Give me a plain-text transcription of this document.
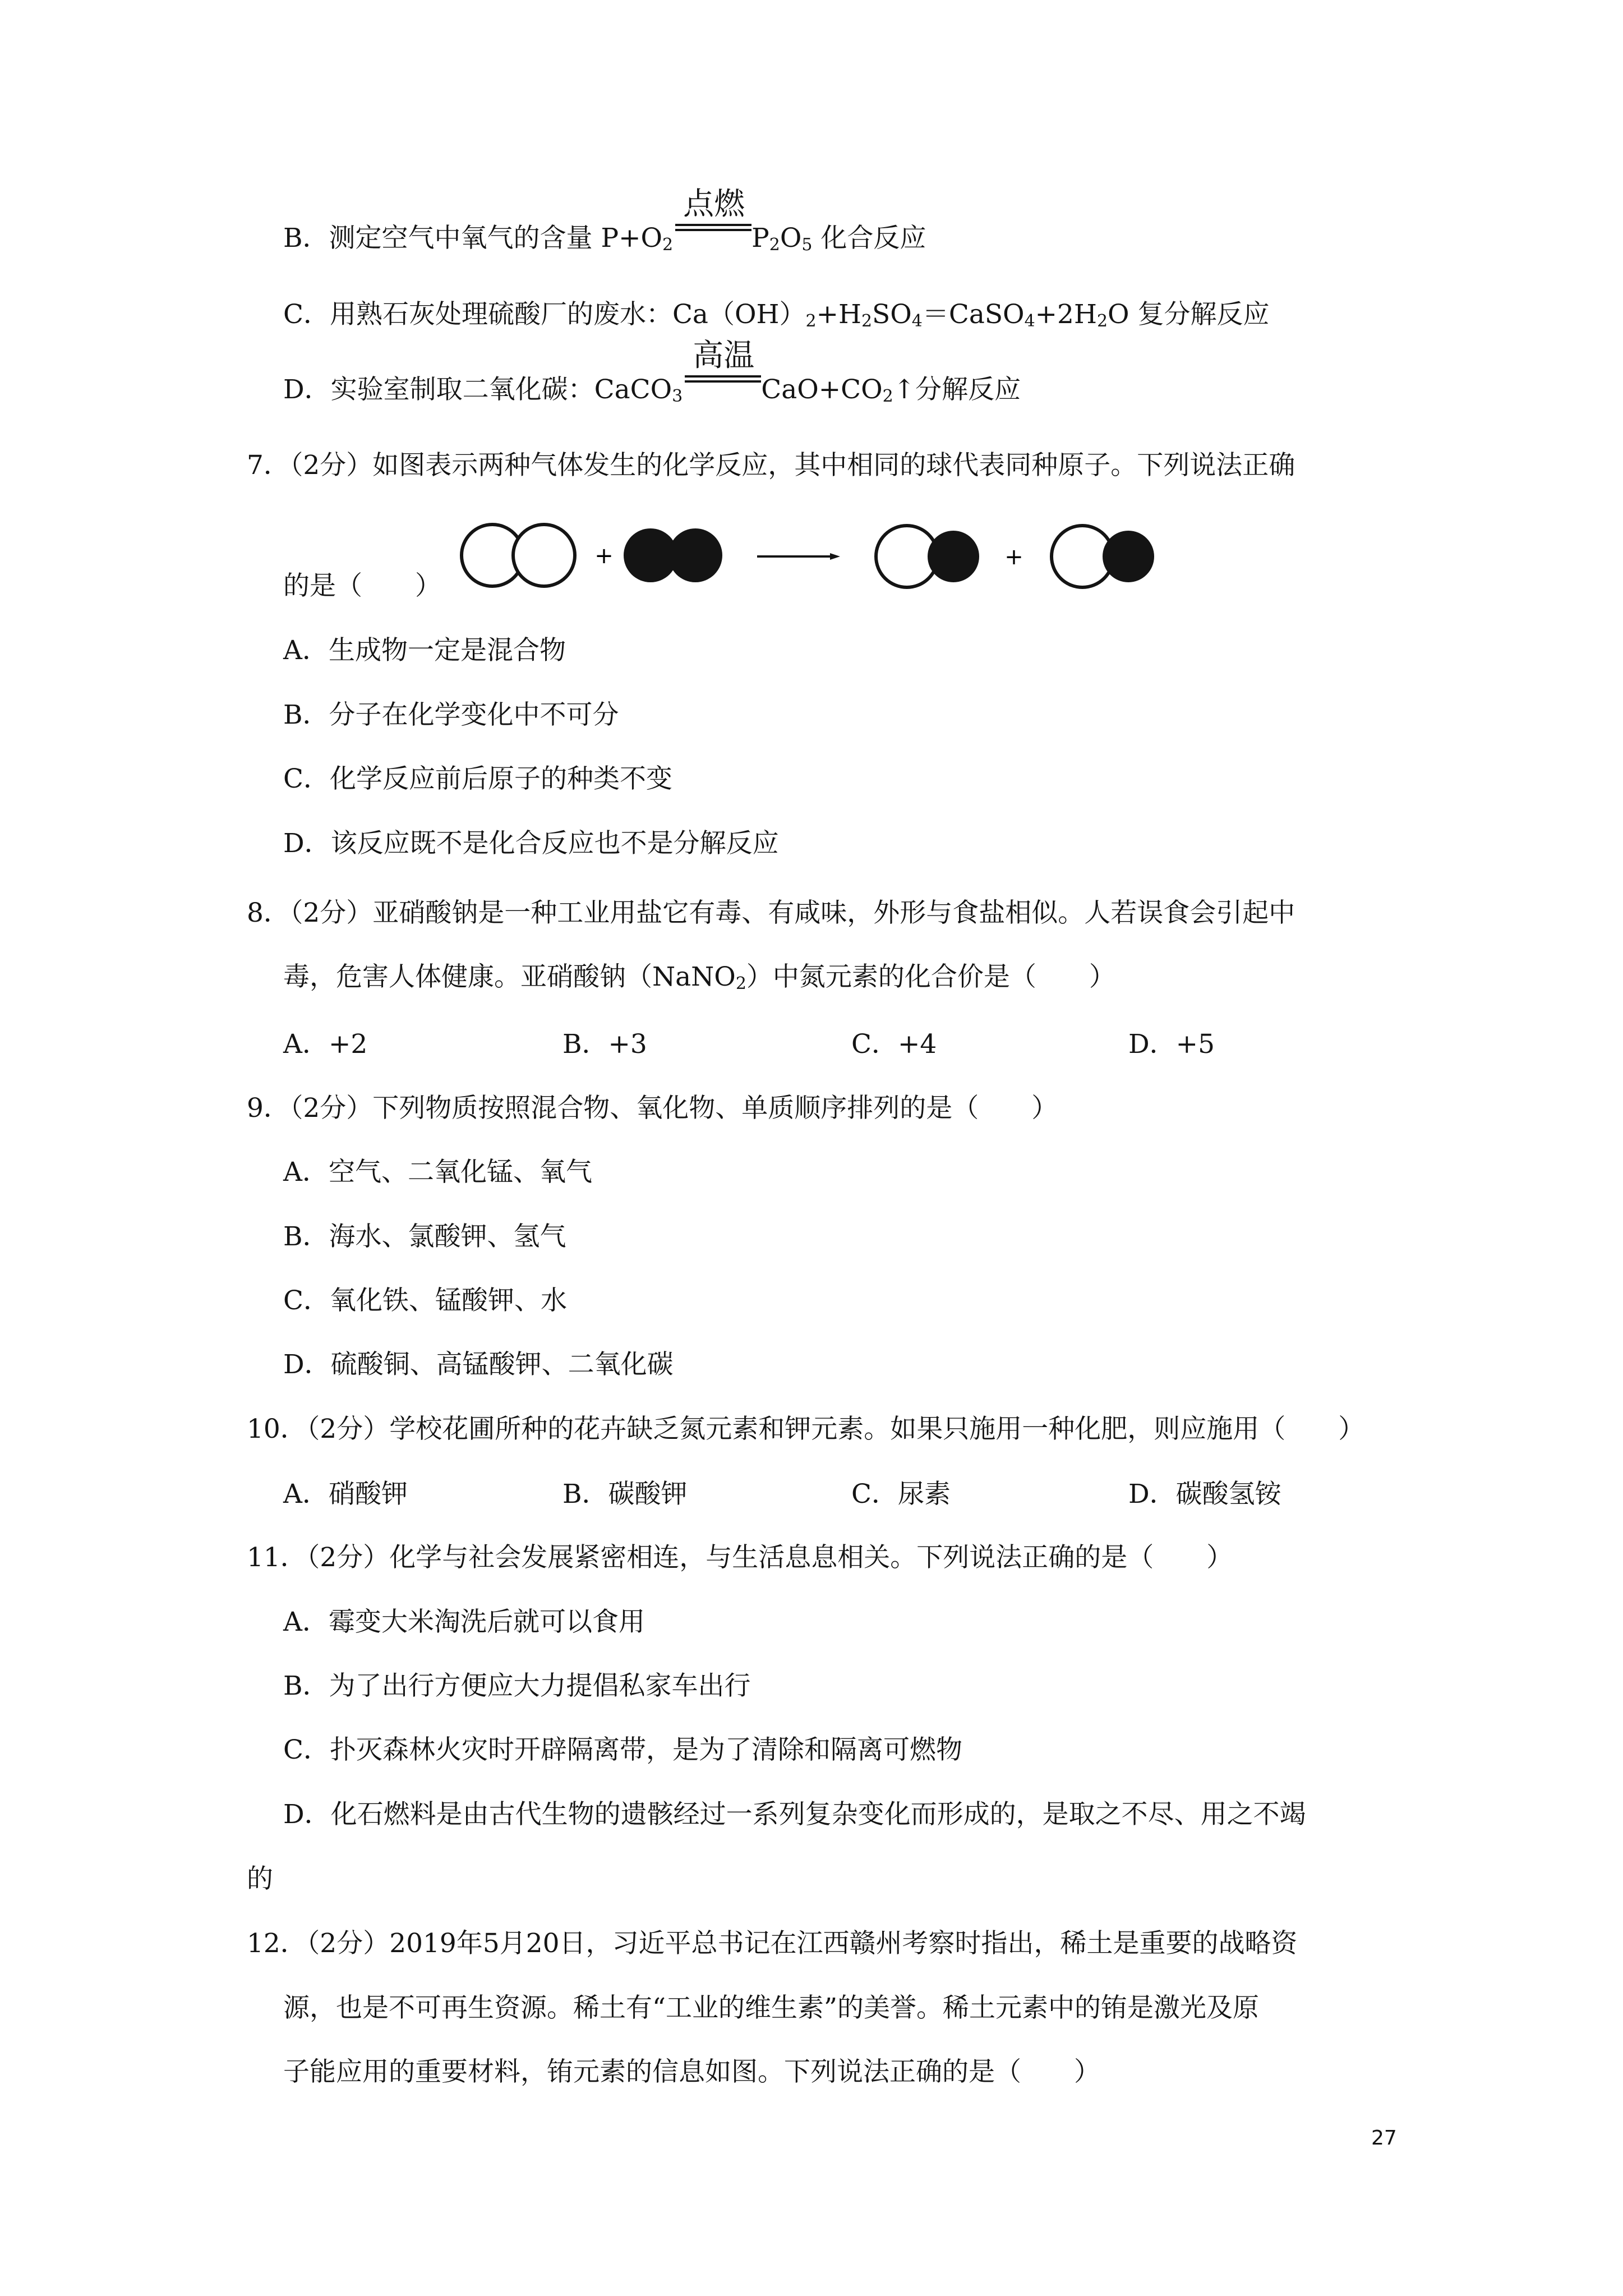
B．测定空气中氧气的含量 $P+O_2$
点燃
$P_2O_5$ 化合反应
C．用熟石灰处理硫酸厂的废水：$Ca(OH)_2+H_2SO_4=CaSO_4+2H_2O$ 复分解反应
D．实验室制取二氧化碳：CaCO$_3$
高温
$CaO+CO_2↑$分解反应
7．（2分）如图表示两种气体发生的化学反应，其中相同的球代表同种原子。下列说法正确
的是（　　）
+	+
A．生成物一定是混合物
B．分子在化学变化中不可分
C．化学反应前后原子的种类不变
D．该反应既不是化合反应也不是分解反应
8．（2分）亚硝酸钠是一种工业用盐它有毒、有咸味，外形与食盐相似。人若误食会引起中
毒，危害人体健康。亚硝酸钠（NaNO$_2$）中氮元素的化合价是（　　）
A．+2	B．+3	C．+4	D．+5
9．（2分）下列物质按照混合物、氧化物、单质顺序排列的是（　　）
A．空气、二氧化锰、氧气
B．海水、氯酸钾、氢气
C．氧化铁、锰酸钾、水
D．硫酸铜、高锰酸钾、二氧化碳
10．（2分）学校花圃所种的花卉缺乏氮元素和钾元素。如果只施用一种化肥，则应施用（　　）
A．硝酸钾	B．碳酸钾	C．尿素	D．碳酸氢铵
11．（2分）化学与社会发展紧密相连，与生活息息相关。下列说法正确的是（　　）
A．霉变大米淘洗后就可以食用
B．为了出行方便应大力提倡私家车出行
C．扑灭森林火灾时开辟隔离带，是为了清除和隔离可燃物
D．化石燃料是由古代生物的遗骸经过一系列复杂变化而形成的，是取之不尽、用之不竭
的
12．（2分）2019年5月20日，习近平总书记在江西赣州考察时指出，稀土是重要的战略资
源，也是不可再生资源。稀土有“工业的维生素”的美誉。稀土元素中的铕是激光及原
子能应用的重要材料，铕元素的信息如图。下列说法正确的是（　　）
27
